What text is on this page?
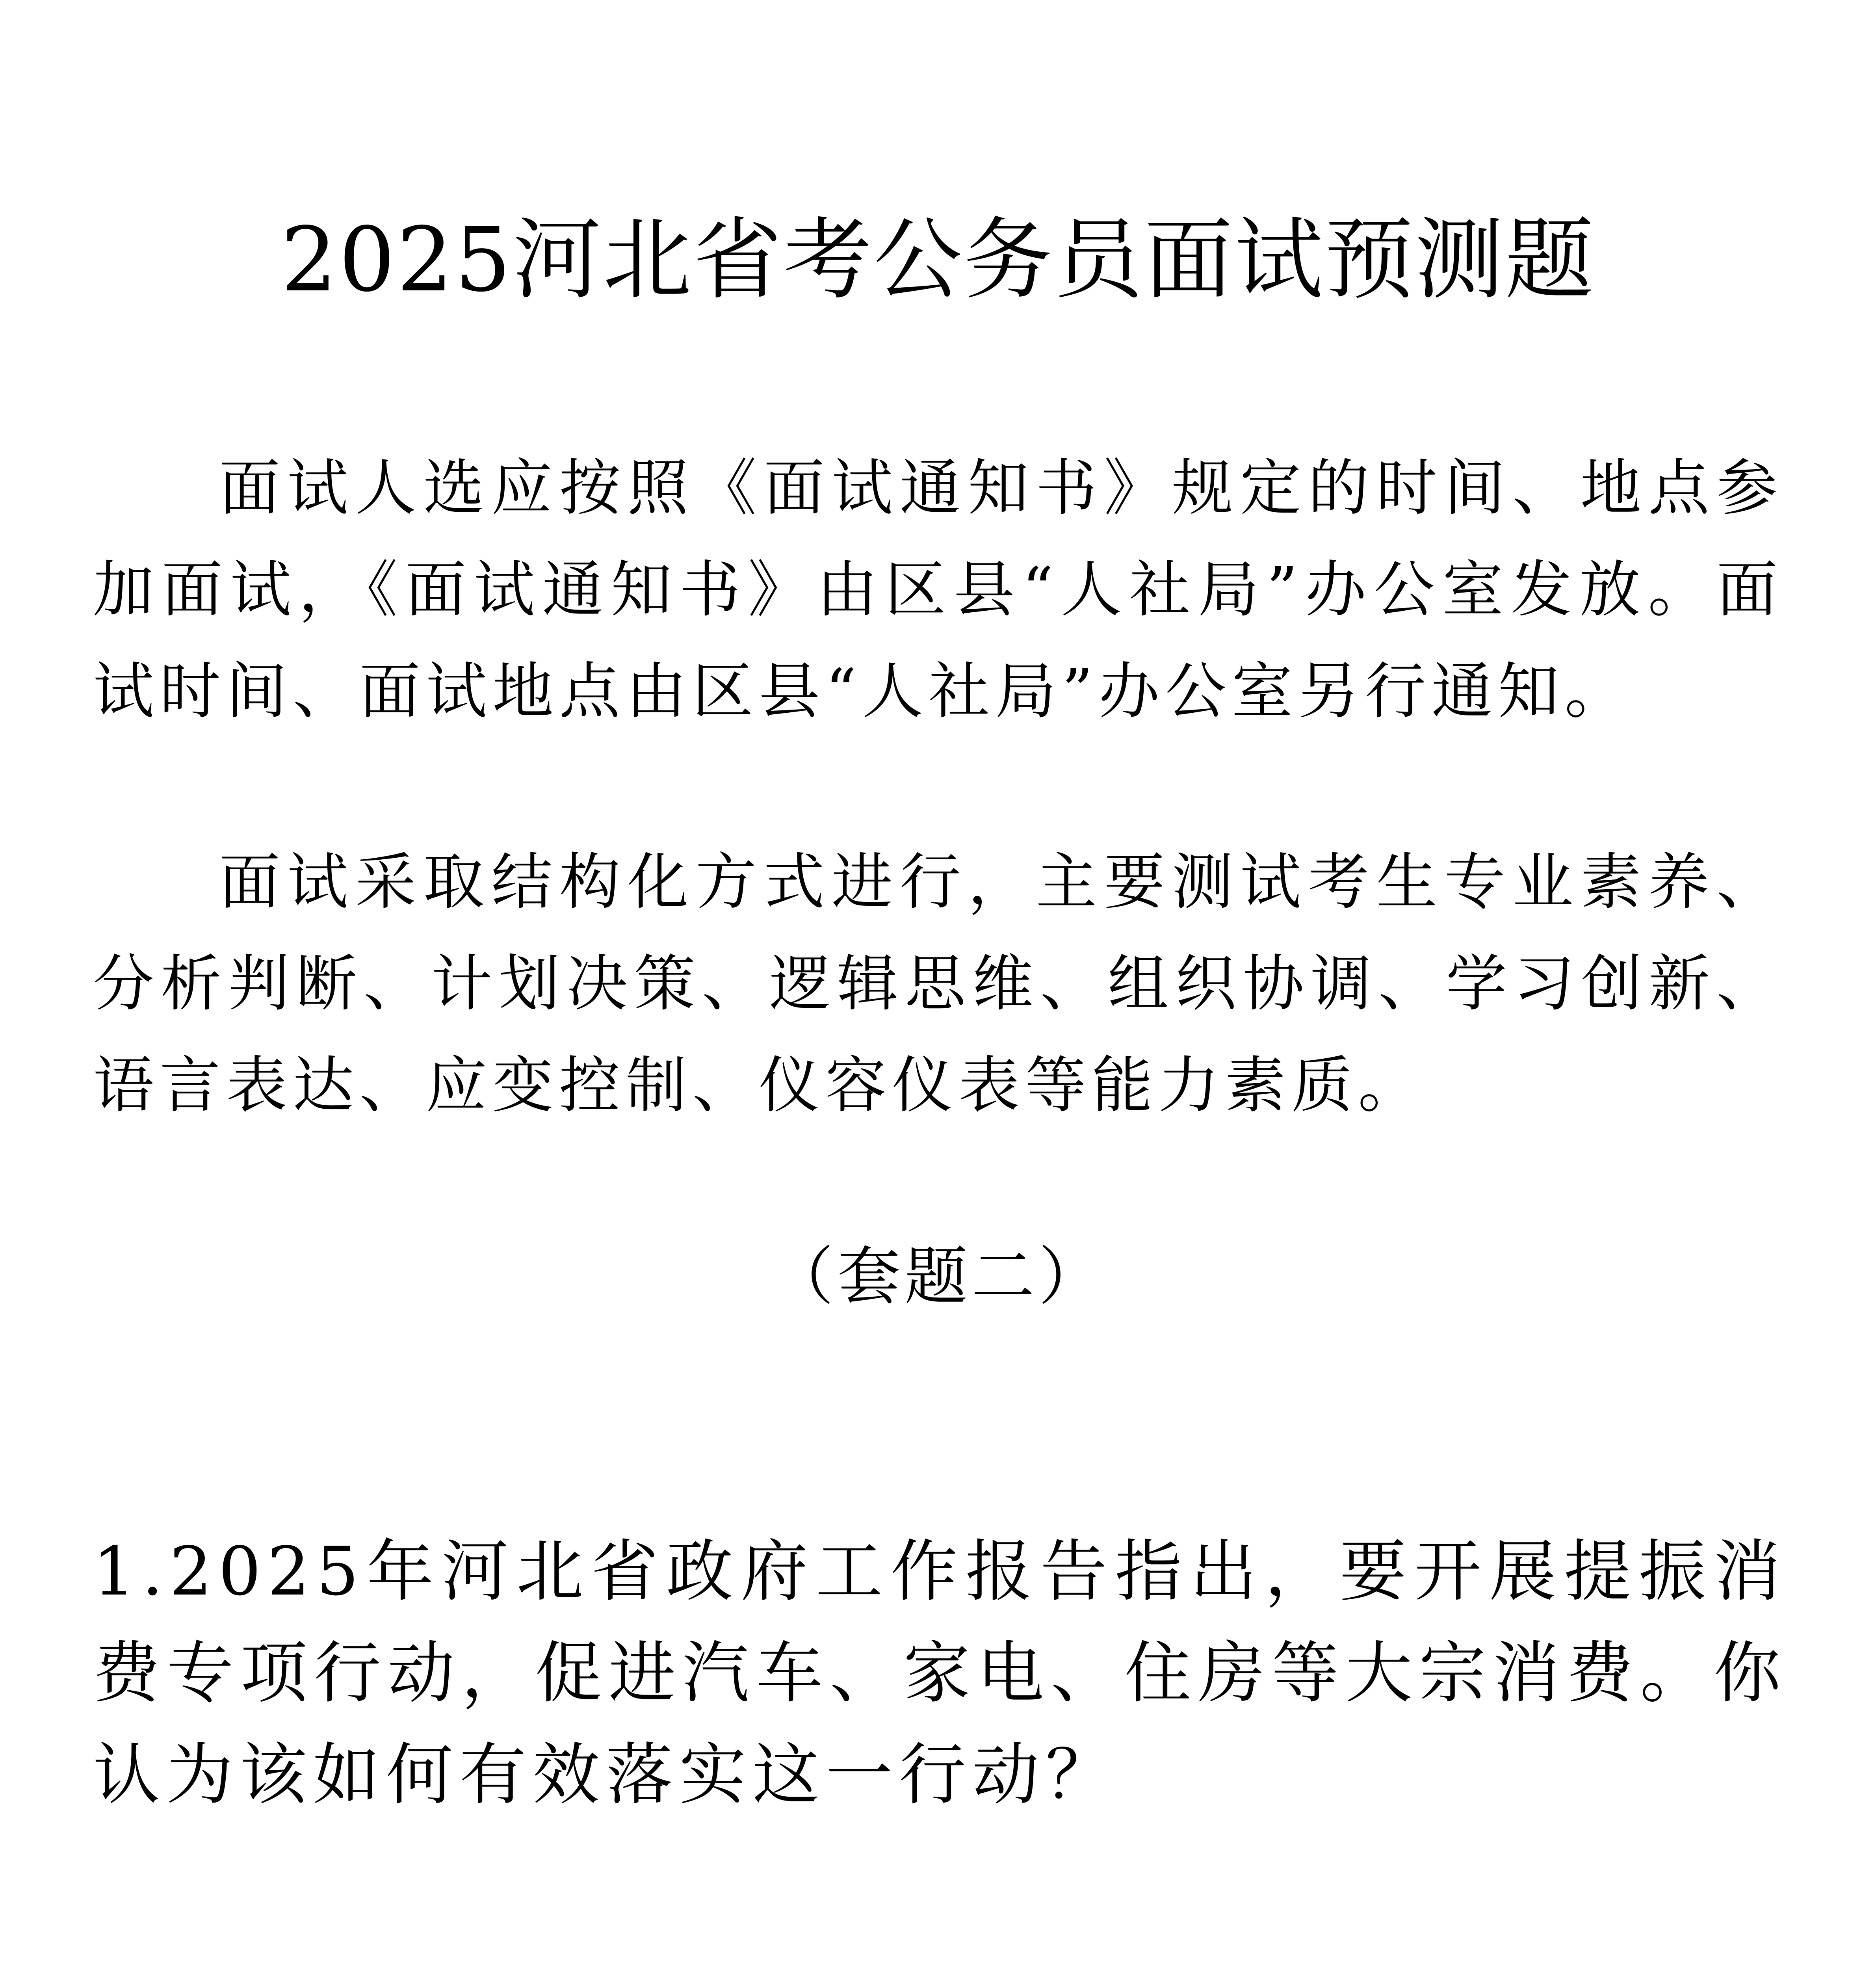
2025河北省考公务员面试预测题

面试人选应按照《面试通知书》规定的时间、地点参加面试，《面试通知书》由区县“人社局”办公室发放。面试时间、面试地点由区县“人社局”办公室另行通知。

面试采取结构化方式进行，主要测试考生专业素养、分析判断、计划决策、逻辑思维、组织协调、学习创新、语言表达、应变控制、仪容仪表等能力素质。

（套题二）

1.2025年河北省政府工作报告指出，要开展提振消费专项行动，促进汽车、家电、住房等大宗消费。你认为该如何有效落实这一行动？
